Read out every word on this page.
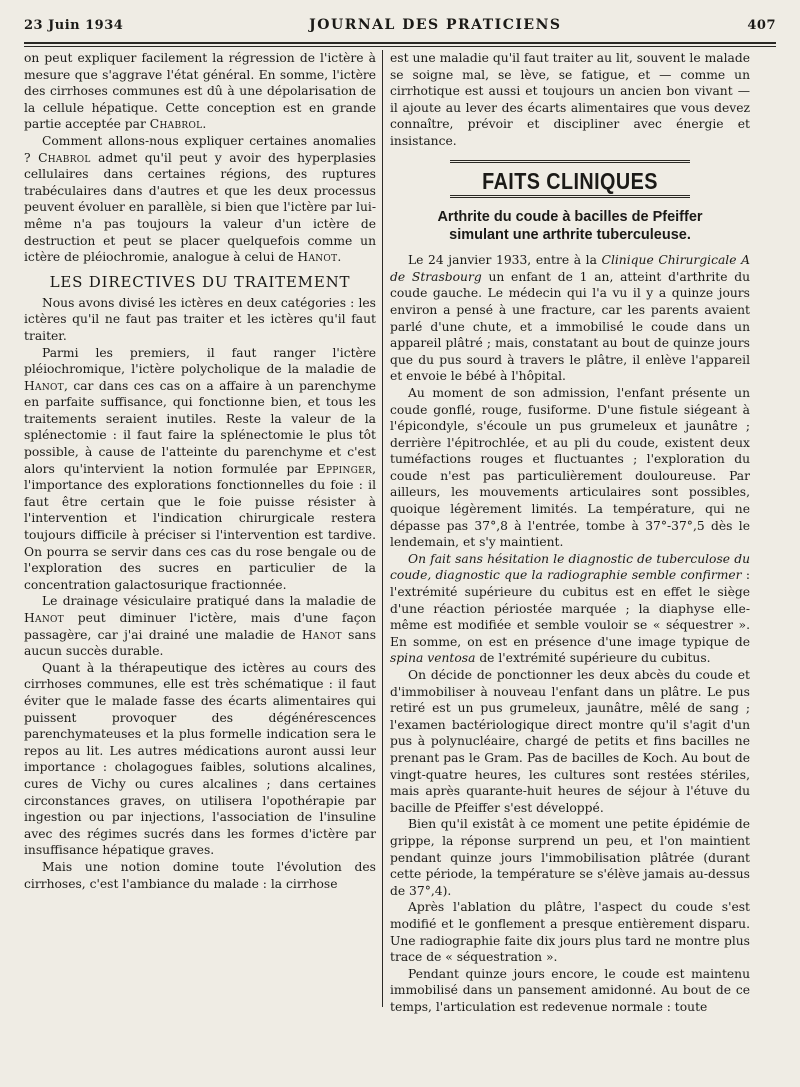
23 Juin 1934	JOURNAL DES PRATICIENS	407

on peut expliquer facilement la régression de l'ictère à mesure que s'aggrave l'état général. En somme, l'ictère des cirrhoses communes est dû à une dépolarisation de la cellule hépatique. Cette conception est en grande partie acceptée par Chabrol.

Comment allons-nous expliquer certaines anomalies ? Chabrol admet qu'il peut y avoir des hyperplasies cellulaires dans certaines régions, des ruptures trabéculaires dans d'autres et que les deux processus peuvent évoluer en parallèle, si bien que l'ictère par lui-même n'a pas toujours la valeur d'un ictère de destruction et peut se placer quelquefois comme un ictère de pléiochromie, analogue à celui de Hanot.

LES DIRECTIVES DU TRAITEMENT

Nous avons divisé les ictères en deux catégories : les ictères qu'il ne faut pas traiter et les ictères qu'il faut traiter.

Parmi les premiers, il faut ranger l'ictère pléiochromique, l'ictère polycholique de la maladie de Hanot, car dans ces cas on a affaire à un parenchyme en parfaite suffisance, qui fonctionne bien, et tous les traitements seraient inutiles. Reste la valeur de la splénectomie : il faut faire la splénectomie le plus tôt possible, à cause de l'atteinte du parenchyme et c'est alors qu'intervient la notion formulée par Eppinger, l'importance des explorations fonctionnelles du foie : il faut être certain que le foie puisse résister à l'intervention et l'indication chirurgicale restera toujours difficile à préciser si l'intervention est tardive. On pourra se servir dans ces cas du rose bengale ou de l'exploration des sucres en particulier de la concentration galactosurique fractionnée.

Le drainage vésiculaire pratiqué dans la maladie de Hanot peut diminuer l'ictère, mais d'une façon passagère, car j'ai drainé une maladie de Hanot sans aucun succès durable.

Quant à la thérapeutique des ictères au cours des cirrhoses communes, elle est très schématique : il faut éviter que le malade fasse des écarts alimentaires qui puissent provoquer des dégénérescences parenchymateuses et la plus formelle indication sera le repos au lit. Les autres médications auront aussi leur importance : cholagogues faibles, solutions alcalines, cures de Vichy ou cures alcalines ; dans certaines circonstances graves, on utilisera l'opothérapie par ingestion ou par injections, l'association de l'insuline avec des régimes sucrés dans les formes d'ictère par insuffisance hépatique graves.

Mais une notion domine toute l'évolution des cirrhoses, c'est l'ambiance du malade : la cirrhose

est une maladie qu'il faut traiter au lit, souvent le malade se soigne mal, se lève, se fatigue, et — comme un cirrhotique est aussi et toujours un ancien bon vivant — il ajoute au lever des écarts alimentaires que vous devez connaître, prévoir et discipliner avec énergie et insistance.

FAITS CLINIQUES
Arthrite du coude à bacilles de Pfeiffer
simulant une arthrite tuberculeuse.

Le 24 janvier 1933, entre à la Clinique Chirurgicale A de Strasbourg un enfant de 1 an, atteint d'arthrite du coude gauche. Le médecin qui l'a vu il y a quinze jours environ a pensé à une fracture, car les parents avaient parlé d'une chute, et a immobilisé le coude dans un appareil plâtré ; mais, constatant au bout de quinze jours que du pus sourd à travers le plâtre, il enlève l'appareil et envoie le bébé à l'hôpital.

Au moment de son admission, l'enfant présente un coude gonflé, rouge, fusiforme. D'une fistule siégeant à l'épicondyle, s'écoule un pus grumeleux et jaunâtre ; derrière l'épitrochlée, et au pli du coude, existent deux tuméfactions rouges et fluctuantes ; l'exploration du coude n'est pas particulièrement douloureuse. Par ailleurs, les mouvements articulaires sont possibles, quoique légèrement limités. La température, qui ne dépasse pas 37°,8 à l'entrée, tombe à 37°-37°,5 dès le lendemain, et s'y maintient.

On fait sans hésitation le diagnostic de tuberculose du coude, diagnostic que la radiographie semble confirmer : l'extrémité supérieure du cubitus est en effet le siège d'une réaction périostée marquée ; la diaphyse elle-même est modifiée et semble vouloir se « séquestrer ». En somme, on est en présence d'une image typique de spina ventosa de l'extrémité supérieure du cubitus.

On décide de ponctionner les deux abcès du coude et d'immobiliser à nouveau l'enfant dans un plâtre. Le pus retiré est un pus grumeleux, jaunâtre, mêlé de sang ; l'examen bactériologique direct montre qu'il s'agit d'un pus à polynucléaire, chargé de petits et fins bacilles ne prenant pas le Gram. Pas de bacilles de Koch. Au bout de vingt-quatre heures, les cultures sont restées stériles, mais après quarante-huit heures de séjour à l'étuve du bacille de Pfeiffer s'est développé.

Bien qu'il existât à ce moment une petite épidémie de grippe, la réponse surprend un peu, et l'on maintient pendant quinze jours l'immobilisation plâtrée (durant cette période, la température se s'élève jamais au-dessus de 37°,4).

Après l'ablation du plâtre, l'aspect du coude s'est modifié et le gonflement a presque entièrement disparu. Une radiographie faite dix jours plus tard ne montre plus trace de « séquestration ».

Pendant quinze jours encore, le coude est maintenu immobilisé dans un pansement amidonné. Au bout de ce temps, l'articulation est redevenue normale : toute
